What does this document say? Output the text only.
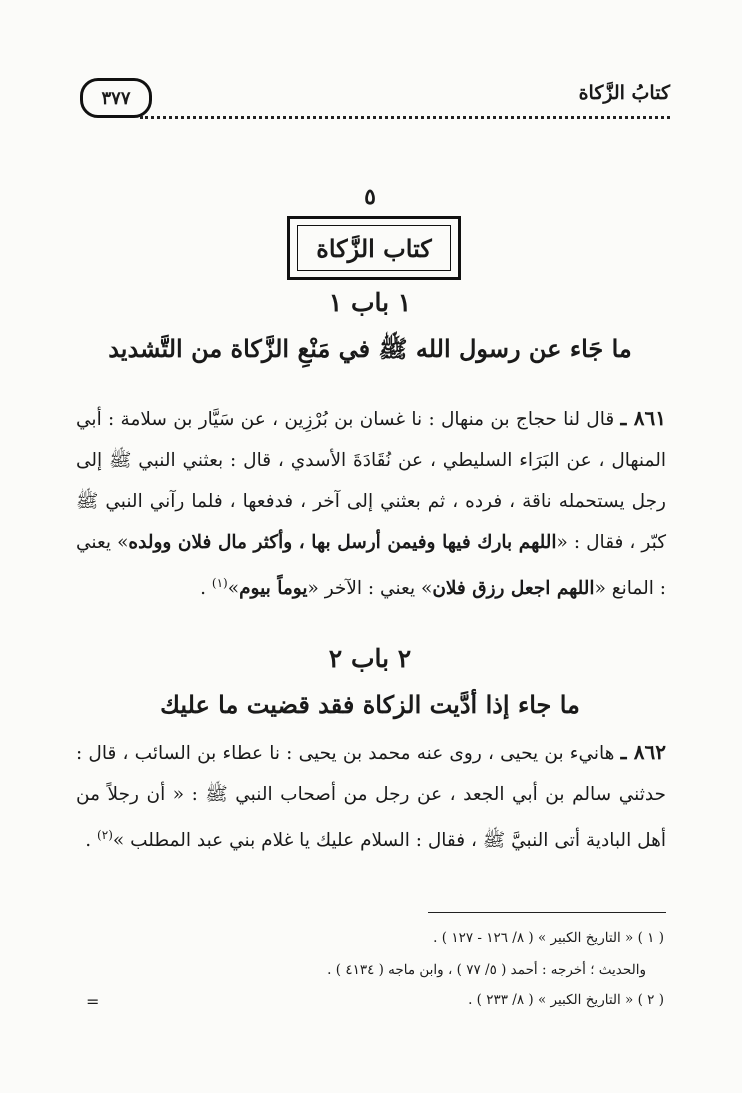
كتابُ الزَّكاة
٣٧٧
٥
كتاب الزَّكاة
١ باب ١
ما جَاء عن رسول الله ﷺ في مَنْعِ الزَّكاة من التَّشديد
٨٦١ ـ قال لنا حجاج بن منهال : نا غسان بن بُرْزِين ، عن سَيَّار بن سلامة : أبي المنهال ، عن البَرَاء السليطي ، عن نُقَادَةَ الأسدي ، قال : بعثني النبي ﷺ إلى رجل يستحمله ناقة ، فرده ، ثم بعثني إلى آخر ، فدفعها ، فلما رآني النبي ﷺ كبّر ، فقال : «اللهم بارك فيها وفيمن أرسل بها ، وأكثر مال فلان وولده» يعني : المانع «اللهم اجعل رزق فلان» يعني : الآخر «يوماً بيوم»$^{(١)}$ .
٢ باب ٢
ما جاء إذا أدَّيت الزكاة فقد قضيت ما عليك
٨٦٢ ـ هانيء بن يحيى ، روى عنه محمد بن يحيى : نا عطاء بن السائب ، قال : حدثني سالم بن أبي الجعد ، عن رجل من أصحاب النبي ﷺ : « أن رجلاً من أهل البادية أتى النبيَّ ﷺ ، فقال : السلام عليك يا غلام بني عبد المطلب »$^{(٢)}$ .
( ١ ) « التاريخ الكبير » ( ٨/ ١٢٦ - ١٢٧ ) .
والحديث ؛ أخرجه : أحمد ( ٥/ ٧٧ ) ، وابن ماجه ( ٤١٣٤ ) .
( ٢ ) « التاريخ الكبير » ( ٨/ ٢٣٣ ) .
=
